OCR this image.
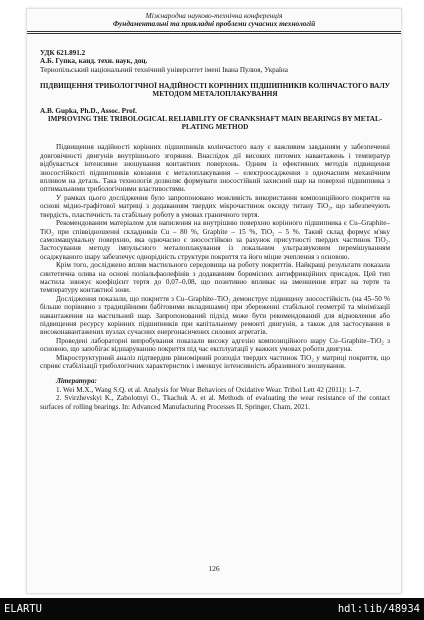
Міжнародна науково-технічна конференція
Фундаментальні та прикладні проблеми сучасних технологій
УДК 621.891.2
А.Б. Гупка, канд. техн. наук, доц.
Тернопільський національний технічний університет імені Івана Пулюя, Україна
ПІДВИЩЕННЯ ТРИБОЛОГІЧНОЇ НАДІЙНОСТІ КОРІННИХ ПІДШИПНИКІВ КОЛІНЧАСТОГО ВАЛУ МЕТОДОМ МЕТАЛОПЛАКУВАННЯ
A.B. Gupka, Ph.D., Assoc. Prof.
IMPROVING THE TRIBOLOGICAL RELIABILITY OF CRANKSHAFT MAIN BEARINGS BY METAL-PLATING METHOD

Підвищення надійності корінних підшипників колінчастого валу є важливим завданням у забезпеченні довговічності двигунів внутрішнього згоряння. Внаслідок дії високих питомих навантажень і температур відбувається інтенсивне зношування контактних поверхонь. Одним із ефективних методів підвищення зносостійкості підшипників ковзання є металоплакування – електроосадження з одночасним механічним впливом на деталь. Така технологія дозволяє формувати зносостійкий захисний шар на поверхні підшипника з оптимальними трибологічними властивостями.

У рамках цього дослідження було запропоновано можливість використання композиційного покриття на основі мідно-графітової матриці з додаванням твердих мікрочастинок оксиду титану TiO₂, що забезпечують твердість, пластичність та стабільну роботу в умовах граничного тертя.

Рекомендованим матеріалом для напилення на внутрішню поверхню корінного підшипника є Cu–Graphite–TiO₂ при співвідношенні складників Cu – 80 %, Graphite – 15 %, TiO₂ – 5 %. Такий склад формує м'яку самозмащувальну поверхню, яка одночасно є зносостійкою за рахунок присутності твердих частинок TiO₂. Застосування методу імпульсного металоплакування із локальним ультразвуковим перемішуванням осаджуваного шару забезпечує однорідність структури покриття та його міцне зчеплення з основою.

Крім того, досліджено вплив мастильного середовища на роботу покриттів. Найкращі результати показала синтетична олива на основі поліальфаолефінів з додаванням борвмісних антифрикційних присадок. Цей тип мастила знижує коефіцієнт тертя до 0,07–0,08, що позитивно впливає на зменшення втрат на тертя та температуру контактної зони.

Дослідження показали, що покриття з Cu–Graphite–TiO₂ демонструє підвищену зносостійкість (на 45–50 % більше порівняно з традиційними бабітовими вкладишами) при збереженні стабільної геометрії та мінімізації навантаження на мастильний шар. Запропонований підхід може бути рекомендований для відновлення або підвищення ресурсу корінних підшипників при капітальному ремонті двигунів, а також для застосування в високонавантажених вузлах сучасних енергонасичених силових агрегатів.

Проведені лабораторні випробування показали високу адгезію композиційного шару Cu–Graphite–TiO₂ з основою, що запобігає відшаруванню покриття під час експлуатації у важких умовах роботи двигуна.

Мікроструктурний аналіз підтвердив рівномірний розподіл твердих частинок TiO₂ у матриці покриття, що сприяє стабілізації трибологічних характеристик і зменшує інтенсивність абразивного зношування.

Література:
1. Wei M.X., Wang S.Q. et al. Analysis for Wear Behaviors of Oxidative Wear. Tribol Lett 42 (2011): 1–7.
2. Svirzhevskyi K., Zabolotnyi O., Tkachuk A. et al. Methods of evaluating the wear resistance of the contact surfaces of rolling bearings. In: Advanced Manufacturing Processes II, Springer, Cham, 2021.
126
ELARTU	hdl:lib/48934
